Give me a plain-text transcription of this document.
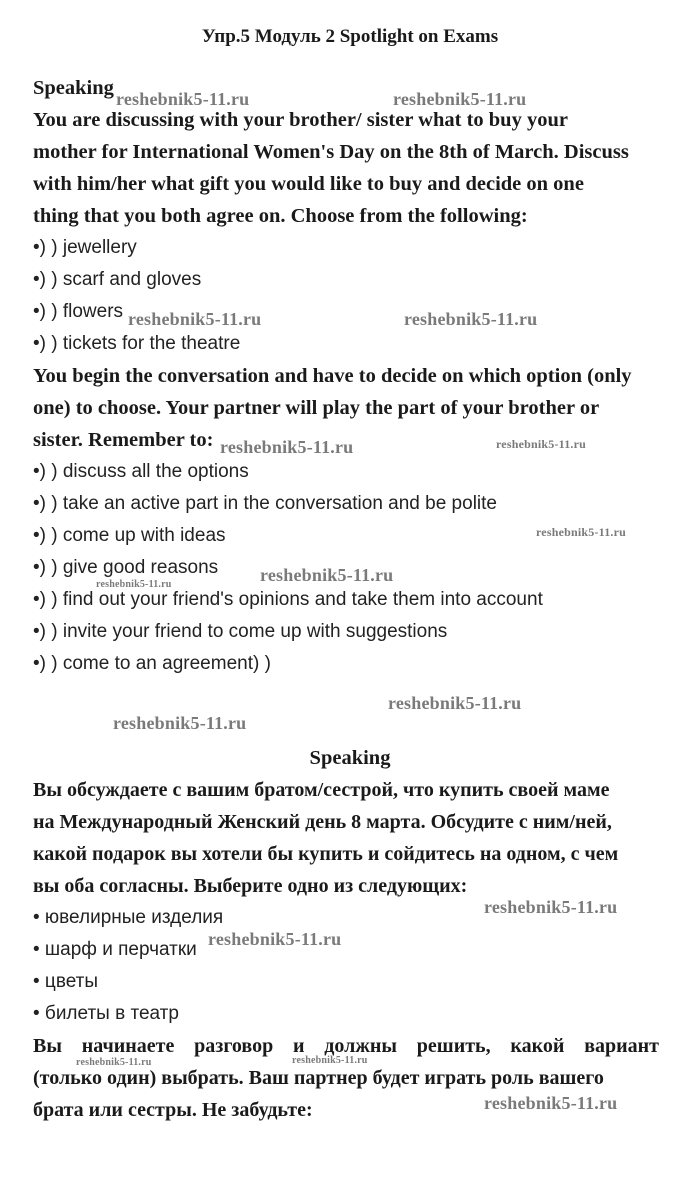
Упр.5 Модуль 2 Spotlight on Exams
Speaking
You are discussing with your brother/ sister what to buy your
mother for International Women's Day on the 8th of March. Discuss
with him/her what gift you would like to buy and decide on one
thing that you both agree on. Choose from the following:
•) ) jewellery
•) ) scarf and gloves
•) ) flowers
•) ) tickets for the theatre
You begin the conversation and have to decide on which option (only
one) to choose. Your partner will play the part of your brother or
sister. Remember to:
•) ) discuss all the options
•) ) take an active part in the conversation and be polite
•) ) come up with ideas
•) ) give good reasons
•) ) find out your friend's opinions and take them into account
•) ) invite your friend to come up with suggestions
•) ) come to an agreement) )
Speaking
Вы обсуждаете с вашим братом/сестрой, что купить своей маме
на Международный Женский день 8 марта. Обсудите с ним/ней,
какой подарок вы хотели бы купить и сойдитесь на одном, с чем
вы оба согласны. Выберите одно из следующих:
• ювелирные изделия
• шарф и перчатки
• цветы
• билеты в театр
Вы начинаете разговор и должны решить, какой вариант
(только один) выбрать. Ваш партнер будет играть роль вашего
брата или сестры. Не забудьте:
reshebnik5-11.ru	reshebnik5-11.ru
reshebnik5-11.ru	reshebnik5-11.ru
reshebnik5-11.ru	reshebnik5-11.ru
reshebnik5-11.ru
reshebnik5-11.ru
reshebnik5-11.ru
reshebnik5-11.ru
reshebnik5-11.ru
reshebnik5-11.ru
reshebnik5-11.ru
reshebnik5-11.ru	reshebnik5-11.ru
reshebnik5-11.ru
